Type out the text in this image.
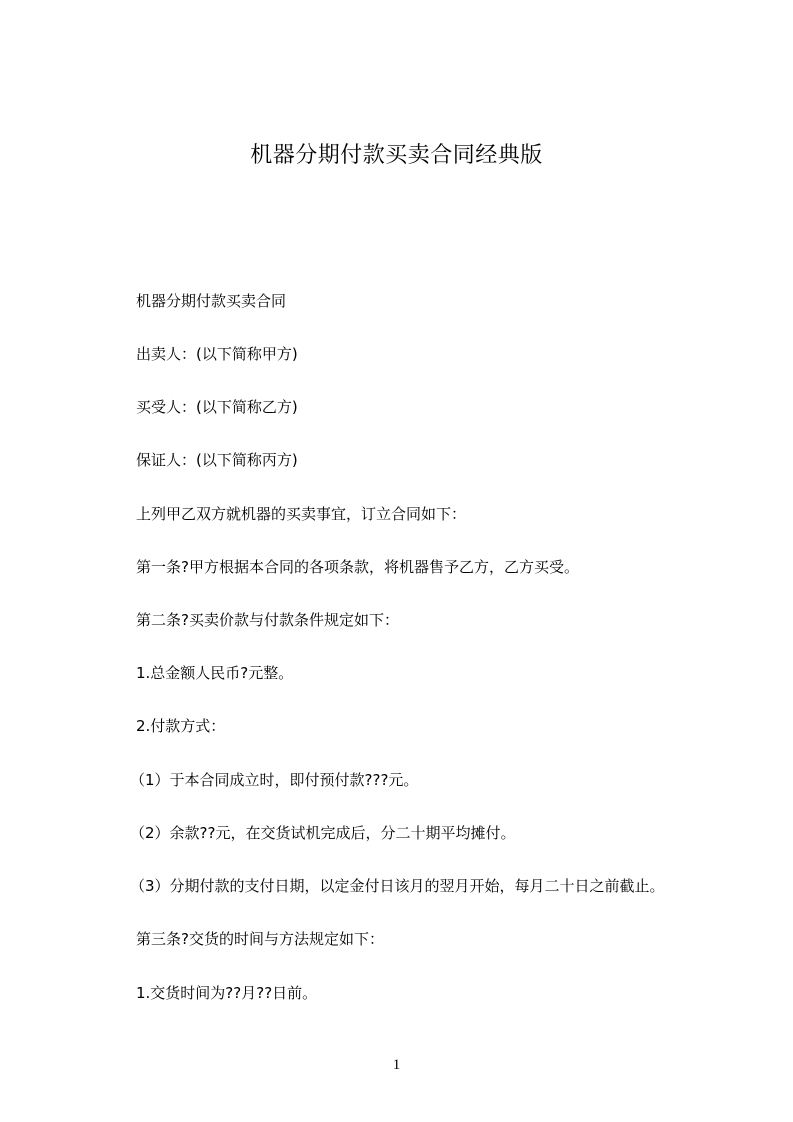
机器分期付款买卖合同经典版
机器分期付款买卖合同
出卖人：(以下简称甲方)
买受人：(以下简称乙方)
保证人：(以下简称丙方)
上列甲乙双方就机器的买卖事宜，订立合同如下：
第一条?甲方根据本合同的各项条款，将机器售予乙方，乙方买受。
第二条?买卖价款与付款条件规定如下：
1.总金额人民币?元整。
2.付款方式：
（1）于本合同成立时，即付预付款???元。
（2）余款??元，在交货试机完成后，分二十期平均摊付。
（3）分期付款的支付日期，以定金付日该月的翌月开始，每月二十日之前截止。
第三条?交货的时间与方法规定如下：
1.交货时间为??月??日前。
1
